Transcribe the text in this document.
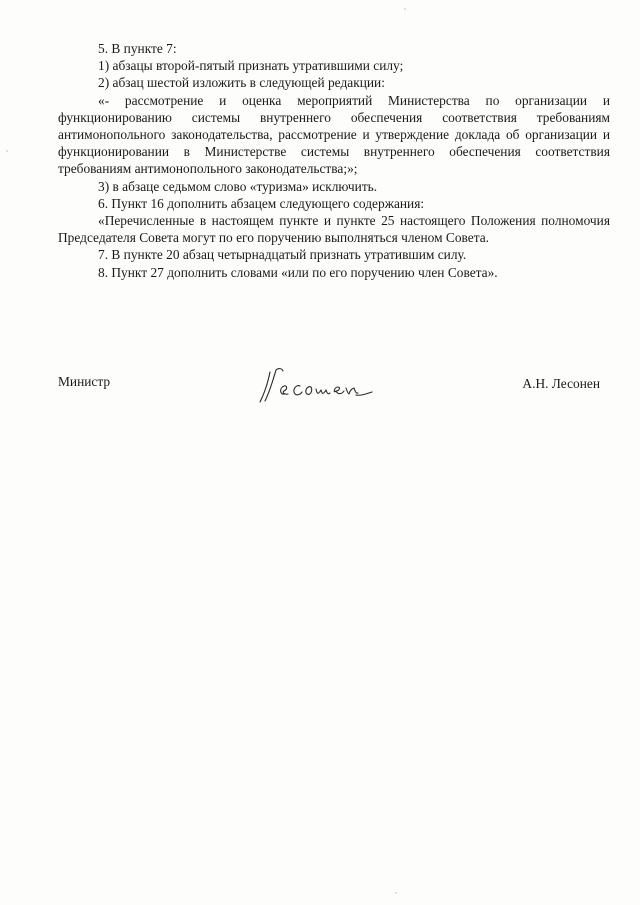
5. В пункте 7:

1) абзацы второй-пятый признать утратившими силу;

2) абзац шестой изложить в следующей редакции:

«- рассмотрение и оценка мероприятий Министерства по организации и функционированию системы внутреннего обеспечения соответствия требованиям антимонопольного законодательства, рассмотрение и утверждение доклада об организации и функционировании в Министерстве системы внутреннего обеспечения соответствия требованиям антимонопольного законодательства;»;

3) в абзаце седьмом слово «туризма» исключить.

6. Пункт 16 дополнить абзацем следующего содержания:

«Перечисленные в настоящем пункте и пункте 25 настоящего Положения полномочия Председателя Совета могут по его поручению выполняться членом Совета.

7. В пункте 20 абзац четырнадцатый признать утратившим силу.

8. Пункт 27 дополнить словами «или по его поручению член Совета».

Министр	А.Н. Лесонен
